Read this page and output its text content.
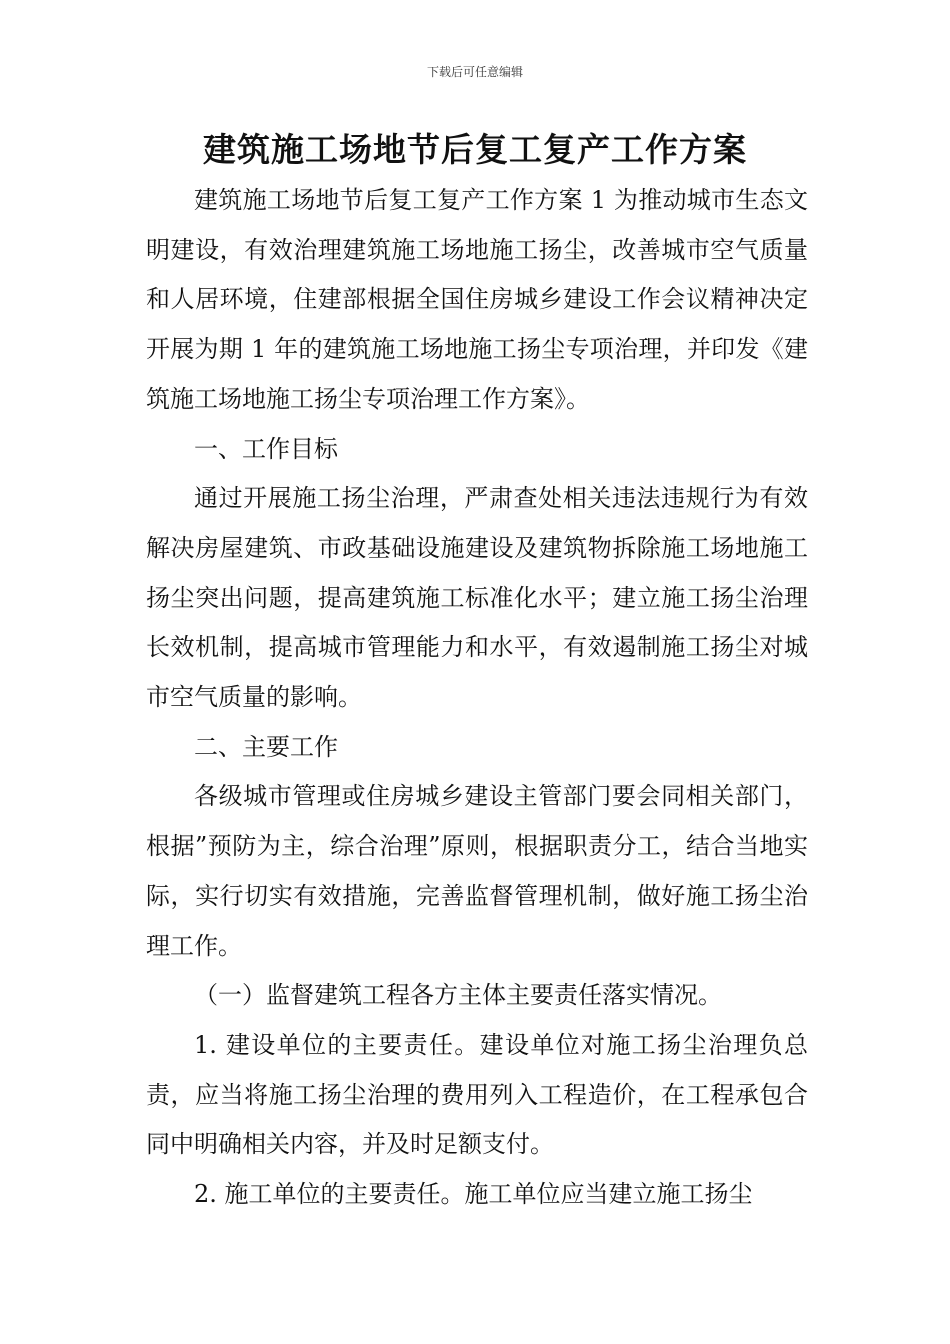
下载后可任意编辑
建筑施工场地节后复工复产工作方案

建筑施工场地节后复工复产工作方案 1 为推动城市生态文明建设，有效治理建筑施工场地施工扬尘，改善城市空气质量和人居环境，住建部根据全国住房城乡建设工作会议精神决定开展为期 1 年的建筑施工场地施工扬尘专项治理，并印发《建筑施工场地施工扬尘专项治理工作方案》。

一、工作目标

通过开展施工扬尘治理，严肃查处相关违法违规行为有效解决房屋建筑、市政基础设施建设及建筑物拆除施工场地施工扬尘突出问题，提高建筑施工标准化水平；建立施工扬尘治理长效机制，提高城市管理能力和水平，有效遏制施工扬尘对城市空气质量的影响。

二、主要工作

各级城市管理或住房城乡建设主管部门要会同相关部门，根据”预防为主，综合治理”原则，根据职责分工，结合当地实际，实行切实有效措施，完善监督管理机制，做好施工扬尘治理工作。

（一）监督建筑工程各方主体主要责任落实情况。

1. 建设单位的主要责任。建设单位对施工扬尘治理负总责，应当将施工扬尘治理的费用列入工程造价，在工程承包合同中明确相关内容，并及时足额支付。

2. 施工单位的主要责任。施工单位应当建立施工扬尘
